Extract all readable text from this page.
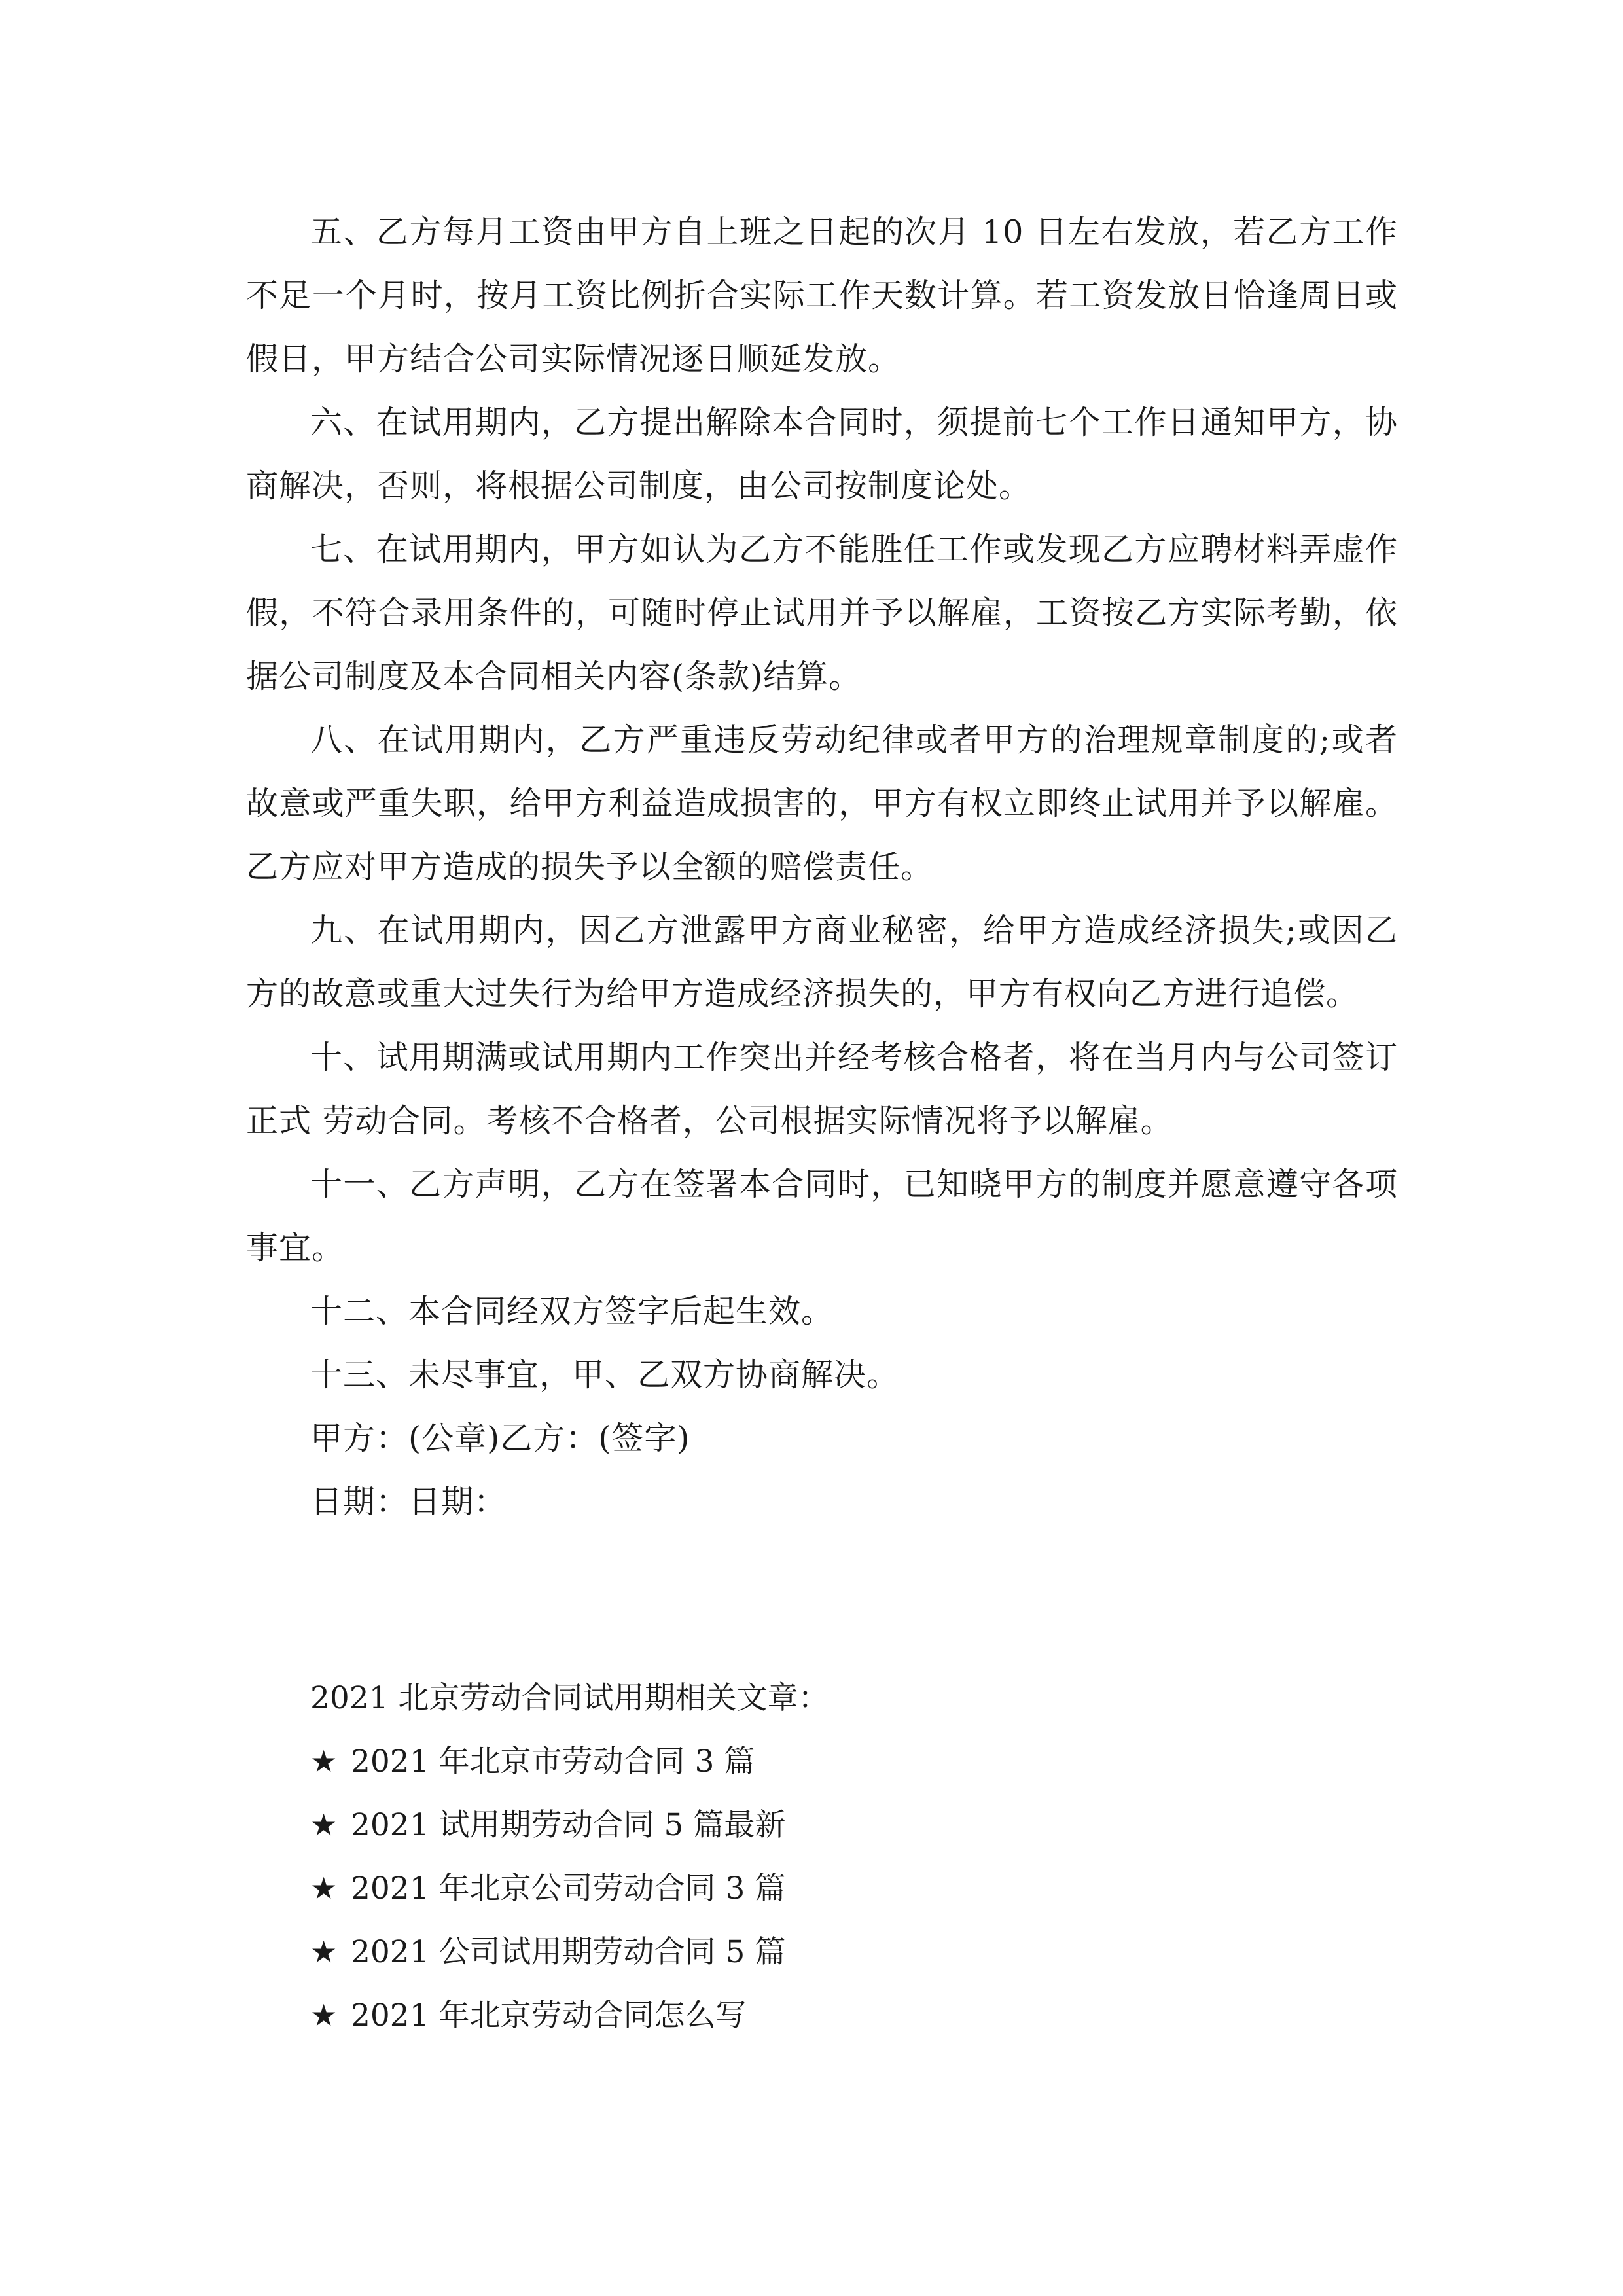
五、乙方每月工资由甲方自上班之日起的次月 10 日左右发放，若乙方工作不足一个月时，按月工资比例折合实际工作天数计算。若工资发放日恰逢周日或假日，甲方结合公司实际情况逐日顺延发放。

六、在试用期内，乙方提出解除本合同时，须提前七个工作日通知甲方，协商解决，否则，将根据公司制度，由公司按制度论处。

七、在试用期内，甲方如认为乙方不能胜任工作或发现乙方应聘材料弄虚作假，不符合录用条件的，可随时停止试用并予以解雇，工资按乙方实际考勤，依据公司制度及本合同相关内容(条款)结算。

八、在试用期内，乙方严重违反劳动纪律或者甲方的治理规章制度的;或者故意或严重失职，给甲方利益造成损害的，甲方有权立即终止试用并予以解雇。乙方应对甲方造成的损失予以全额的赔偿责任。

九、在试用期内，因乙方泄露甲方商业秘密，给甲方造成经济损失;或因乙方的故意或重大过失行为给甲方造成经济损失的，甲方有权向乙方进行追偿。

十、试用期满或试用期内工作突出并经考核合格者，将在当月内与公司签订正式 劳动合同。考核不合格者，公司根据实际情况将予以解雇。

十一、乙方声明，乙方在签署本合同时，已知晓甲方的制度并愿意遵守各项事宜。

十二、本合同经双方签字后起生效。

十三、未尽事宜，甲、乙双方协商解决。

甲方：(公章)乙方：(签字)

日期：日期：

2021 北京劳动合同试用期相关文章：

★ 2021 年北京市劳动合同 3 篇
★ 2021 试用期劳动合同 5 篇最新
★ 2021 年北京公司劳动合同 3 篇
★ 2021 公司试用期劳动合同 5 篇
★ 2021 年北京劳动合同怎么写
